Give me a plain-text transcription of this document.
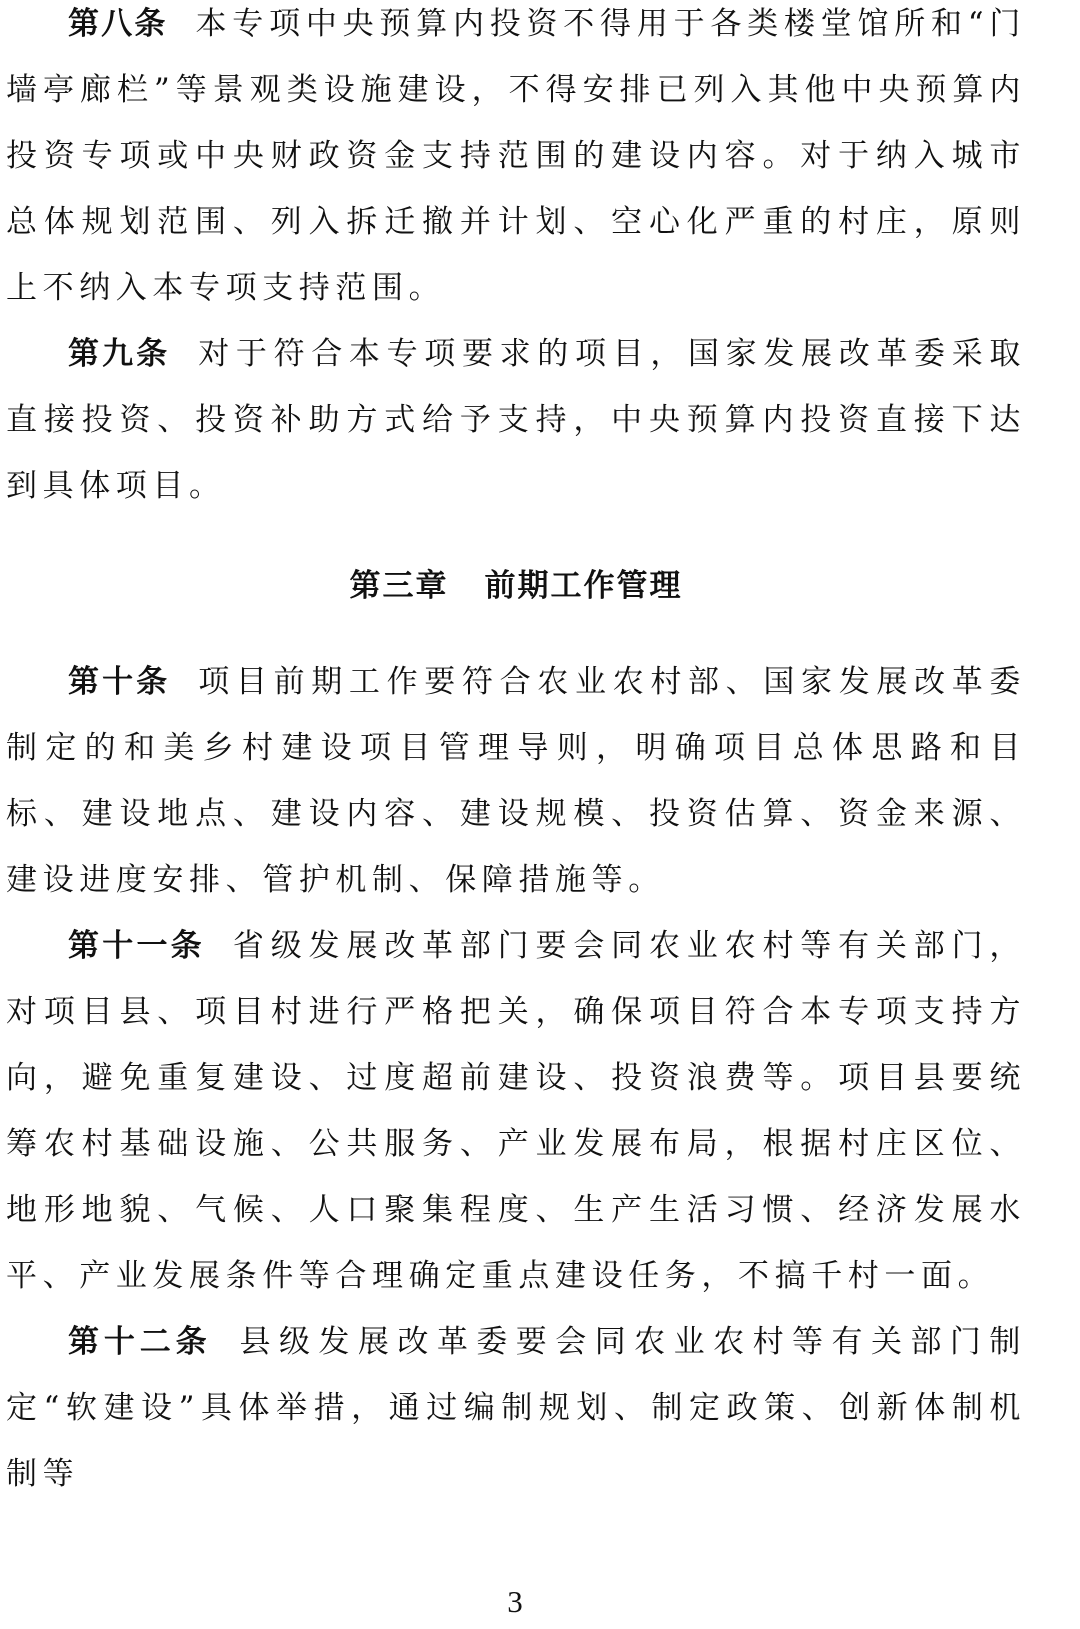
第八条 本专项中央预算内投资不得用于各类楼堂馆所和“门墙亭廊栏”等景观类设施建设，不得安排已列入其他中央预算内投资专项或中央财政资金支持范围的建设内容。对于纳入城市总体规划范围、列入拆迁撤并计划、空心化严重的村庄，原则上不纳入本专项支持范围。

第九条 对于符合本专项要求的项目，国家发展改革委采取直接投资、投资补助方式给予支持，中央预算内投资直接下达到具体项目。

第三章 前期工作管理

第十条 项目前期工作要符合农业农村部、国家发展改革委制定的和美乡村建设项目管理导则，明确项目总体思路和目标、建设地点、建设内容、建设规模、投资估算、资金来源、建设进度安排、管护机制、保障措施等。

第十一条 省级发展改革部门要会同农业农村等有关部门，对项目县、项目村进行严格把关，确保项目符合本专项支持方向，避免重复建设、过度超前建设、投资浪费等。项目县要统筹农村基础设施、公共服务、产业发展布局，根据村庄区位、地形地貌、气候、人口聚集程度、生产生活习惯、经济发展水平、产业发展条件等合理确定重点建设任务，不搞千村一面。

第十二条 县级发展改革委要会同农业农村等有关部门制定“软建设”具体举措，通过编制规划、制定政策、创新体制机制等

3
